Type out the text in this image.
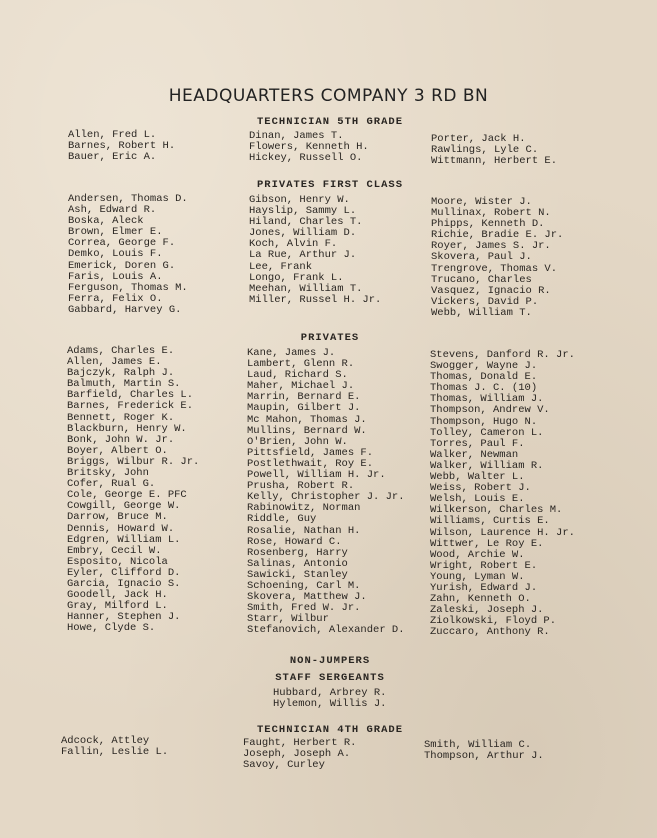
HEADQUARTERS COMPANY 3 RD BN
TECHNICIAN 5TH GRADE
Allen, Fred L.
Barnes, Robert H.
Bauer, Eric A.
Dinan, James T.
Flowers, Kenneth H.
Hickey, Russell O.
Porter, Jack H.
Rawlings, Lyle C.
Wittmann, Herbert E.
PRIVATES FIRST CLASS
Andersen, Thomas D.
Ash, Edward R.
Boska, Aleck
Brown, Elmer E.
Correa, George F.
Demko, Louis F.
Emerick, Doren G.
Faris, Louis A.
Ferguson, Thomas M.
Ferra, Felix O.
Gabbard, Harvey G.
Gibson, Henry W.
Hayslip, Sammy L.
Hiland, Charles T.
Jones, William D.
Koch, Alvin F.
La Rue, Arthur J.
Lee, Frank
Longo, Frank L.
Meehan, William T.
Miller, Russel H. Jr.
Moore, Wister J.
Mullinax, Robert N.
Phipps, Kenneth D.
Richie, Bradie E. Jr.
Royer, James S. Jr.
Skovera, Paul J.
Trengrove, Thomas V.
Trucano, Charles
Vasquez, Ignacio R.
Vickers, David P.
Webb, William T.
PRIVATES
Adams, Charles E.
Allen, James E.
Bajczyk, Ralph J.
Balmuth, Martin S.
Barfield, Charles L.
Barnes, Frederick E.
Bennett, Roger K.
Blackburn, Henry W.
Bonk, John W. Jr.
Boyer, Albert O.
Briggs, Wilbur R. Jr.
Britsky, John
Cofer, Rual G.
Cole, George E. PFC
Cowgill, George W.
Darrow, Bruce M.
Dennis, Howard W.
Edgren, William L.
Embry, Cecil W.
Esposito, Nicola
Eyler, Clifford D.
Garcia, Ignacio S.
Goodell, Jack H.
Gray, Milford L.
Hanner, Stephen J.
Howe, Clyde S.
Kane, James J.
Lambert, Glenn R.
Laud, Richard S.
Maher, Michael J.
Marrin, Bernard E.
Maupin, Gilbert J.
Mc Mahon, Thomas J.
Mullins, Bernard W.
O'Brien, John W.
Pittsfield, James F.
Postlethwait, Roy E.
Powell, William H. Jr.
Prusha, Robert R.
Kelly, Christopher J. Jr.
Rabinowitz, Norman
Riddle, Guy
Rosalie, Nathan H.
Rose, Howard C.
Rosenberg, Harry
Salinas, Antonio
Sawicki, Stanley
Schoening, Carl M.
Skovera, Matthew J.
Smith, Fred W. Jr.
Starr, Wilbur
Stefanovich, Alexander D.
Stevens, Danford R. Jr.
Swogger, Wayne J.
Thomas, Donald E.
Thomas J. C. (10)
Thomas, William J.
Thompson, Andrew V.
Thompson, Hugo N.
Tolley, Cameron L.
Torres, Paul F.
Walker, Newman
Walker, William R.
Webb, Walter L.
Weiss, Robert J.
Welsh, Louis E.
Wilkerson, Charles M.
Williams, Curtis E.
Wilson, Laurence H. Jr.
Wittwer, Le Roy E.
Wood, Archie W.
Wright, Robert E.
Young, Lyman W.
Yurish, Edward J.
Zahn, Kenneth O.
Zaleski, Joseph J.
Ziolkowski, Floyd P.
Zuccaro, Anthony R.
NON-JUMPERS
STAFF SERGEANTS
Hubbard, Arbrey R.
Hylemon, Willis J.
TECHNICIAN 4TH GRADE
Adcock, Attley
Fallin, Leslie L.
Faught, Herbert R.
Joseph, Joseph A.
Savoy, Curley
Smith, William C.
Thompson, Arthur J.
